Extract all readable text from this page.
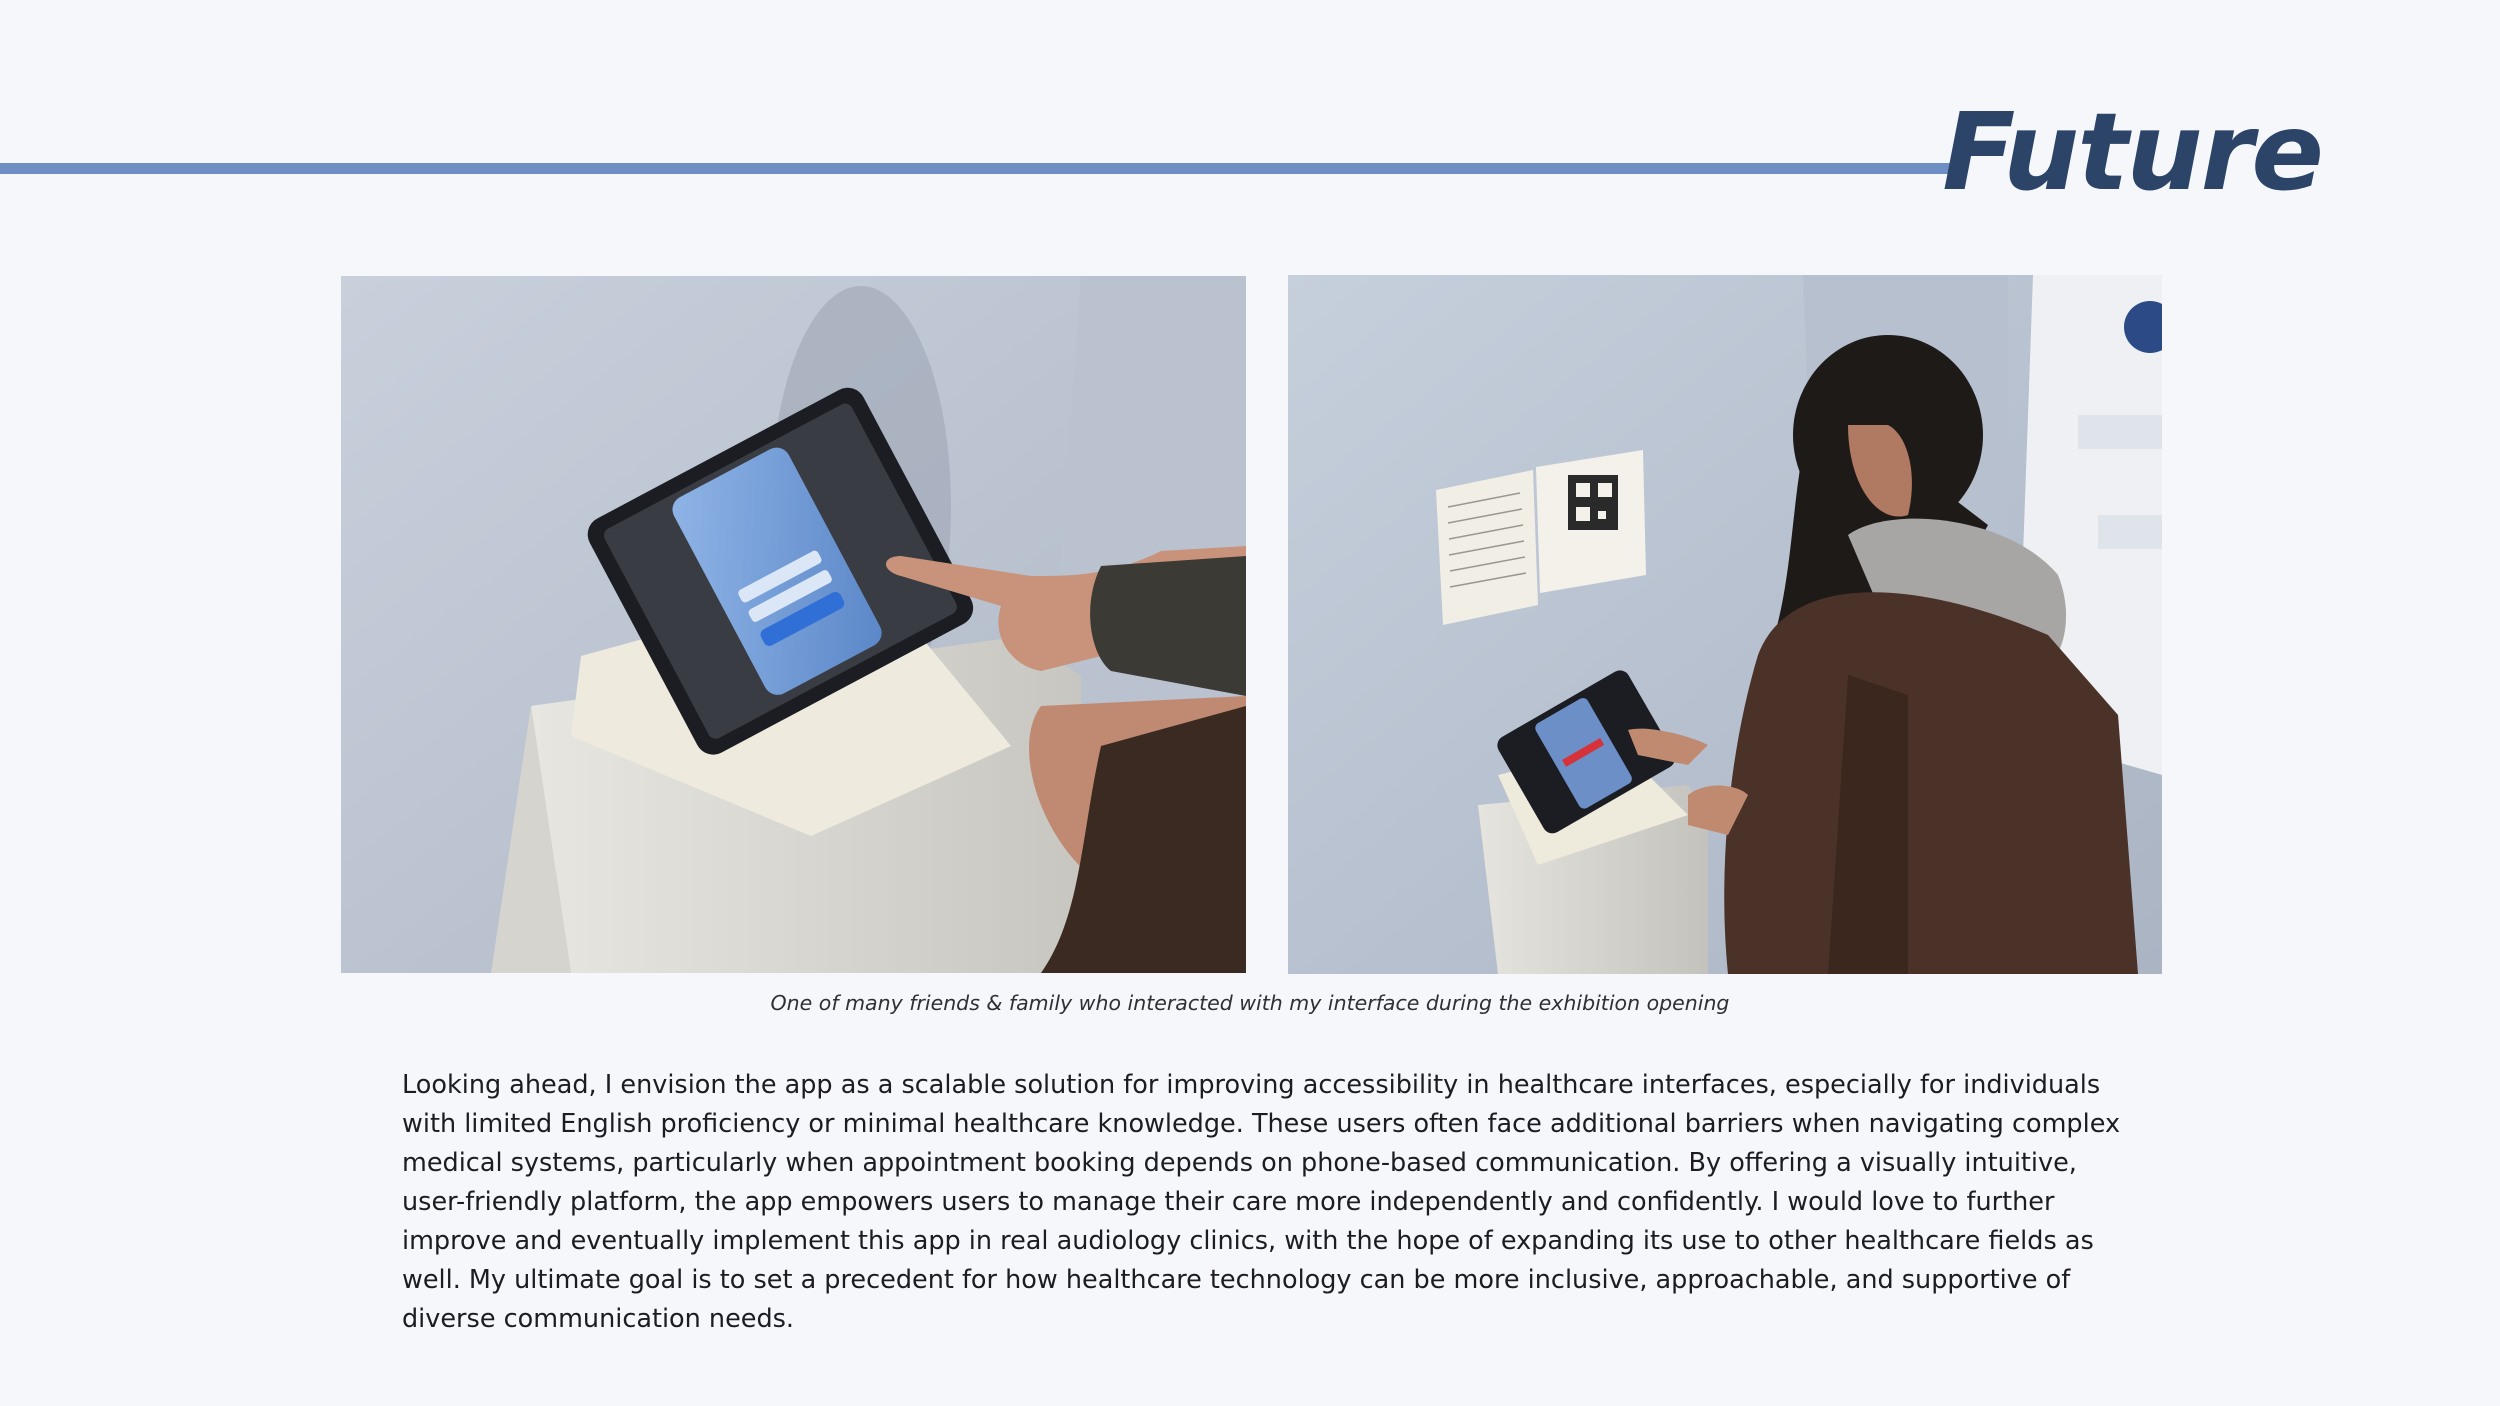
Future
One of many friends & family who interacted with my interface during the exhibition opening

Looking ahead, I envision the app as a scalable solution for improving accessibility in healthcare interfaces, especially for individuals with limited English proficiency or minimal healthcare knowledge. These users often face additional barriers when navigating complex medical systems, particularly when appointment booking depends on phone-based communication. By offering a visually intuitive, user-friendly platform, the app empowers users to manage their care more independently and confidently. I would love to further improve and eventually implement this app in real audiology clinics, with the hope of expanding its use to other healthcare fields as well. My ultimate goal is to set a precedent for how healthcare technology can be more inclusive, approachable, and supportive of diverse communication needs.
